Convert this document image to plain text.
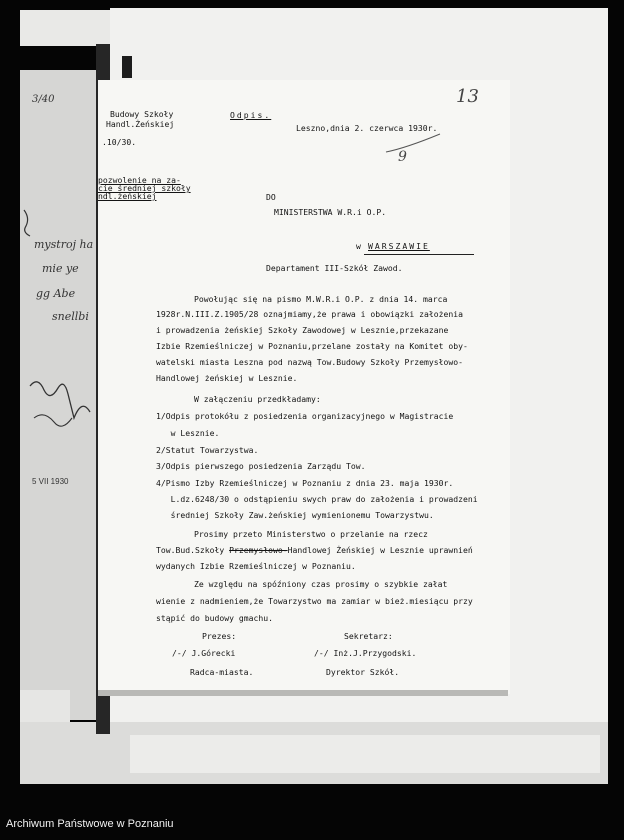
3/40
mystroj ha
mie ye
gg Abe
snellbi
5 VII 1930
13
Budowy Szkoły
Handl.Żeńskiej
.10/30.
Odpis.
Leszno,dnia 2. czerwca 1930r.
9
pozwolenie na za-
cie średniej szkoły
ndl.żeńskiej	DO
MINISTERSTWA W.R.i O.P.
w WARSZAWIE
Departament III-Szkół Zawod.
Powołując się na pismo M.W.R.i O.P. z dnia 14. marca
1928r.N.III.Z.1905/28 oznajmiamy,że prawa i obowiązki założenia
i prowadzenia żeńskiej Szkoły Zawodowej w Lesznie,przekazane
Izbie Rzemieślniczej w Poznaniu,przelane zostały na Komitet oby-
watelski miasta Leszna pod nazwą Tow.Budowy Szkoły Przemysłowo-
Handlowej żeńskiej w Lesznie.
W załączeniu przedkładamy:
1/Odpis protokółu z posiedzenia organizacyjnego w Magistracie
w Lesznie.
2/Statut Towarzystwa.
3/Odpis pierwszego posiedzenia Zarządu Tow.
4/Pismo Izby Rzemieślniczej w Poznaniu z dnia 23. maja 1930r.
L.dz.6248/30 o odstąpieniu swych praw do założenia i prowadzeni
średniej Szkoły Zaw.żeńskiej wymienionemu Towarzystwu.
Prosimy przeto Ministerstwo o przelanie na rzecz
Tow.Bud.Szkoły Przemysłowo-Handlowej Żeńskiej w Lesznie uprawnień
wydanych Izbie Rzemieślniczej w Poznaniu.
Ze względu na spóźniony czas prosimy o szybkie załat
wienie z nadmieniem,że Towarzystwo ma zamiar w bież.miesiącu przy
stąpić do budowy gmachu.
Prezes:
/-/ J.Górecki
Radca-miasta.
Sekretarz:
/-/ Inż.J.Przygodski.
Dyrektor Szkół.
Archiwum Państwowe w Poznaniu
